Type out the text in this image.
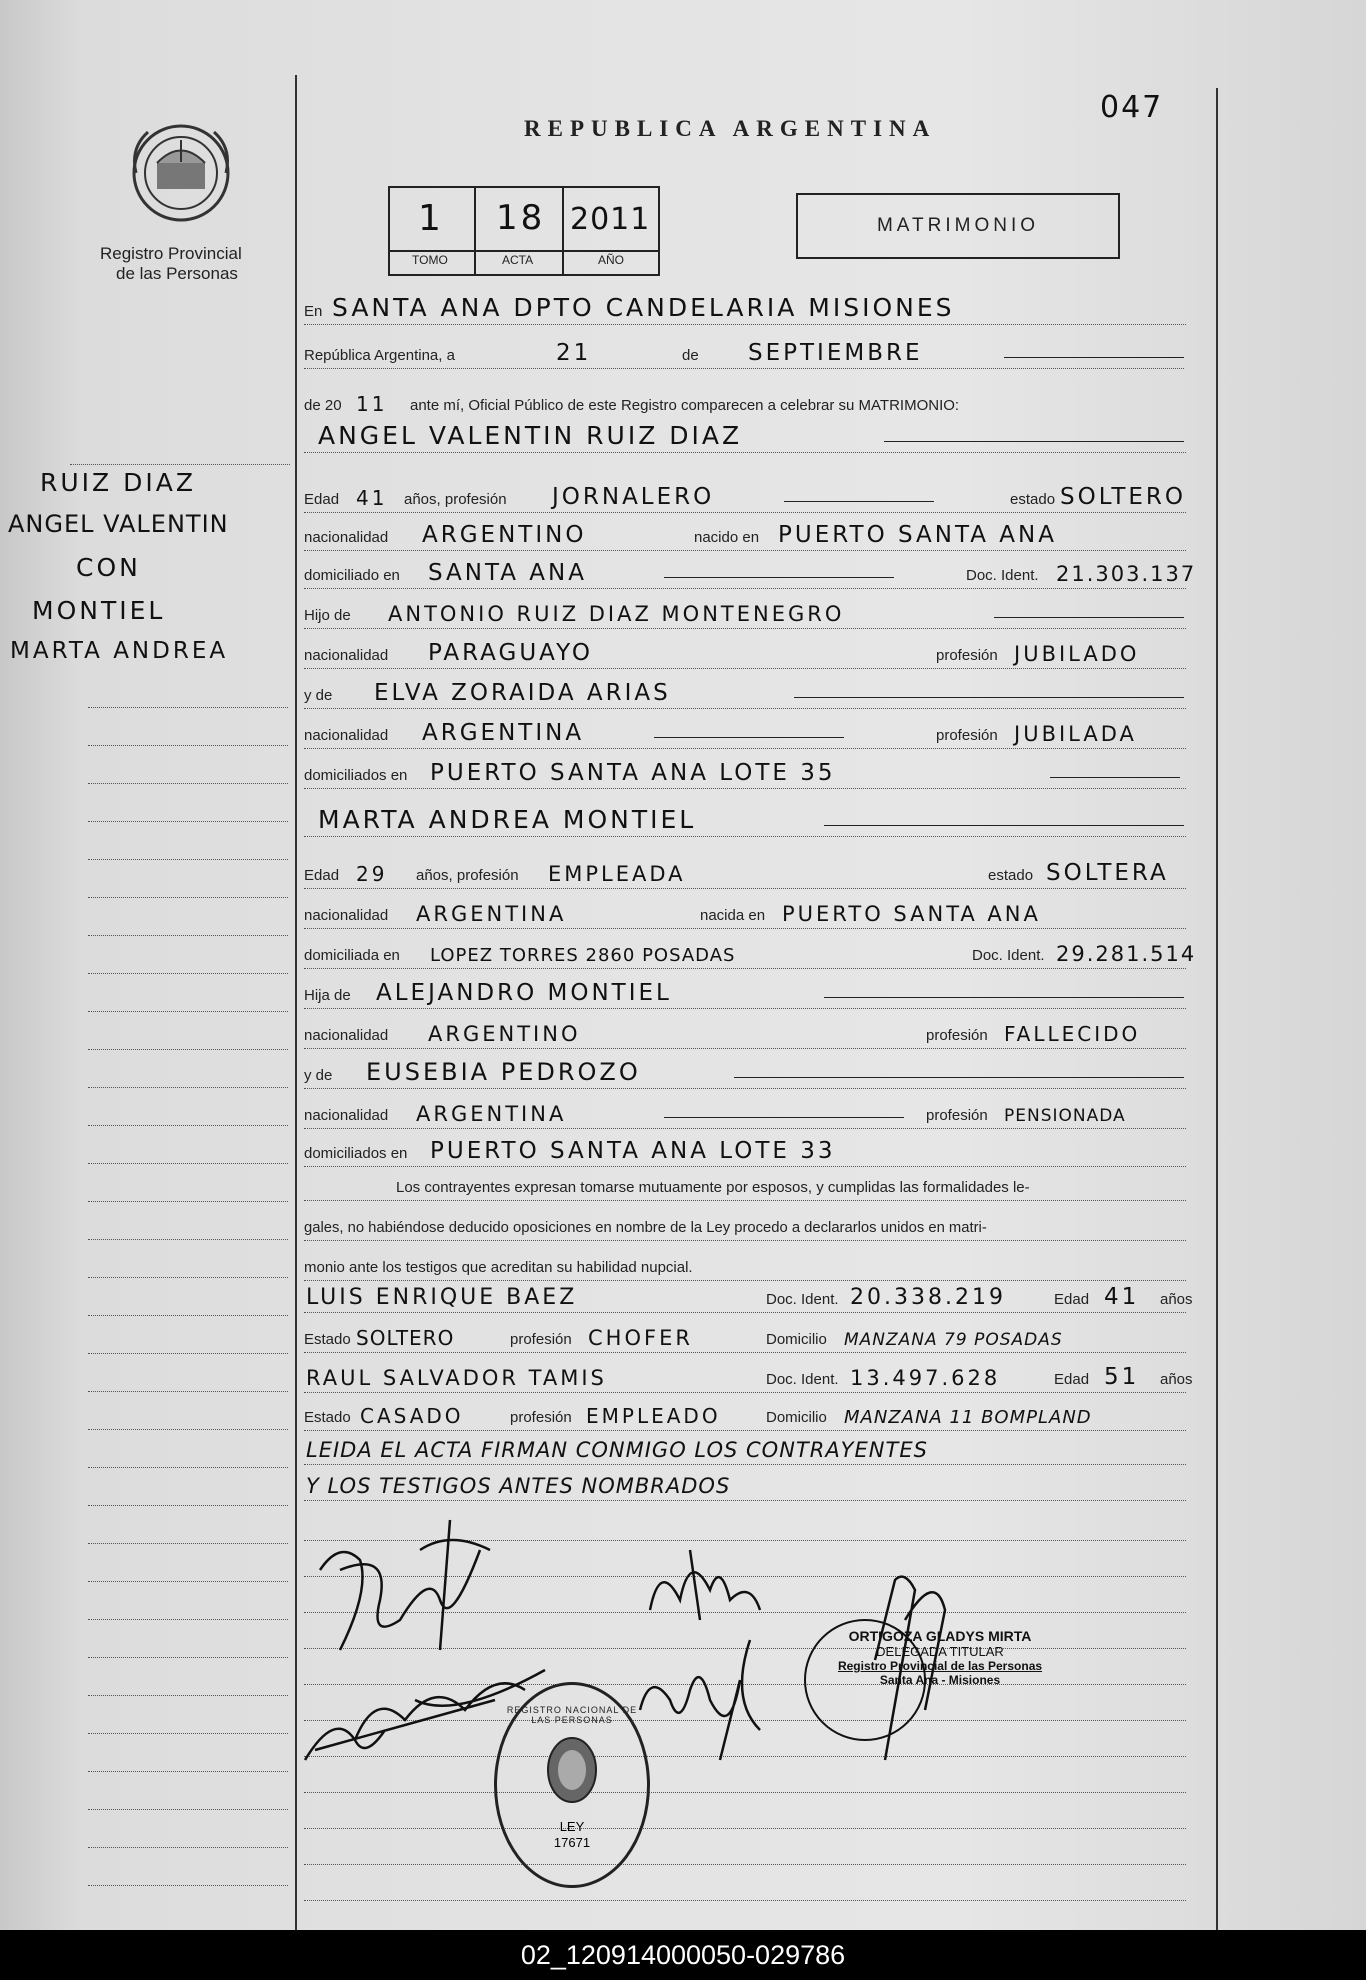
047
Registro Provincial
de las Personas
REPUBLICA ARGENTINA
1 18 2011
TOMO	ACTA	AÑO
MATRIMONIO
RUIZ DIAZ
ANGEL VALENTIN
CON
MONTIEL
MARTA ANDREA
En SANTA ANA DPTO CANDELARIA MISIONES
República Argentina, a	21	de SEPTIEMBRE
de 20 11 ante mí, Oficial Público de este Registro comparecen a celebrar su MATRIMONIO:
ANGEL VALENTIN RUIZ DIAZ
Edad 41 años, profesión JORNALERO	estado SOLTERO
nacionalidad ARGENTINO	nacido en PUERTO SANTA ANA
domiciliado en SANTA ANA	Doc. Ident. 21.303.137
Hijo de ANTONIO RUIZ DIAZ MONTENEGRO
nacionalidad PARAGUAYO	profesión JUBILADO
y de ELVA ZORAIDA ARIAS
nacionalidad ARGENTINA	profesión JUBILADA
domiciliados en PUERTO SANTA ANA LOTE 35
MARTA ANDREA MONTIEL
Edad 29 años, profesión EMPLEADA	estado SOLTERA
nacionalidad ARGENTINA	nacida en PUERTO SANTA ANA
domiciliada en LOPEZ TORRES 2860 POSADAS	Doc. Ident. 29.281.514
Hija de ALEJANDRO MONTIEL
nacionalidad ARGENTINO	profesión FALLECIDO
y de EUSEBIA PEDROZO
nacionalidad ARGENTINA	profesión PENSIONADA
domiciliados en PUERTO SANTA ANA LOTE 33
Los contrayentes expresan tomarse mutuamente por esposos, y cumplidas las formalidades le-
gales, no habiéndose deducido oposiciones en nombre de la Ley procedo a declararlos unidos en matri-
monio ante los testigos que acreditan su habilidad nupcial.
LUIS ENRIQUE BAEZ	Doc. Ident. 20.338.219	Edad 41 años
Estado SOLTERO	profesión CHOFER	Domicilio MANZANA 79 POSADAS
RAUL SALVADOR TAMIS	Doc. Ident. 13.497.628	Edad 51 años
Estado CASADO	profesión EMPLEADO	Domicilio MANZANA 11 BOMPLAND
LEIDA EL ACTA FIRMAN CONMIGO LOS CONTRAYENTES
Y LOS TESTIGOS ANTES NOMBRADOS
ORTIGOZA GLADYS MIRTA
DELEGADA TITULAR
Registro Provincial de las Personas
Santa Ana - Misiones
REGISTRO NACIONAL DE LAS PERSONAS
LEY
17671
02_120914000050-029786
